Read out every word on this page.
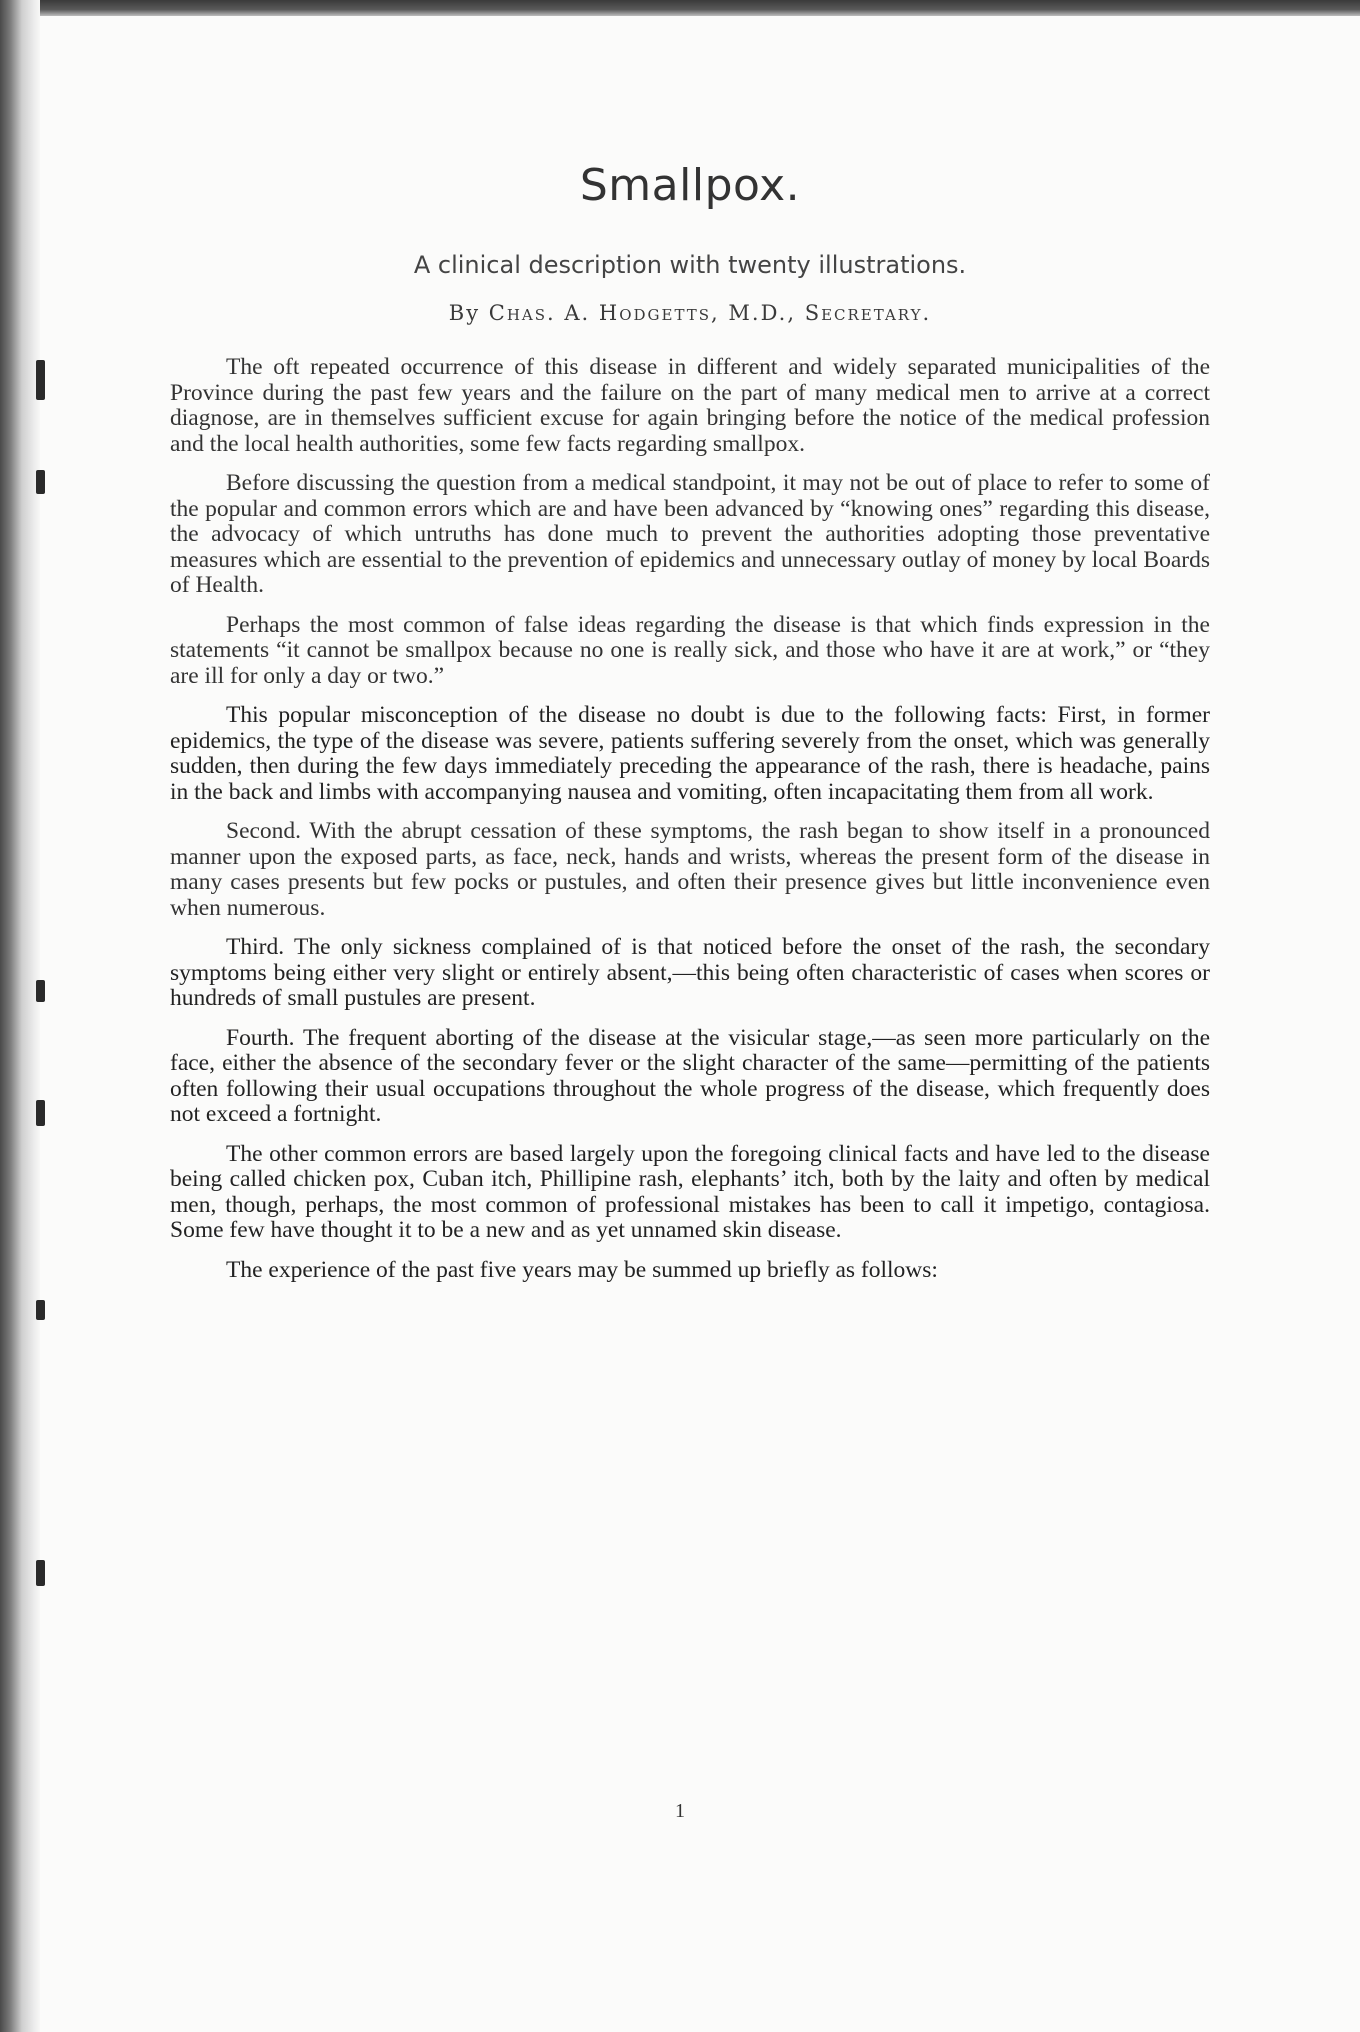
Smallpox.
A clinical description with twenty illustrations.
By Chas. A. Hodgetts, M.D., Secretary.

The oft repeated occurrence of this disease in different and widely separated municipalities of the Province during the past few years and the failure on the part of many medical men to arrive at a correct diagnose, are in themselves sufficient excuse for again bringing before the notice of the medical profession and the local health authorities, some few facts regarding smallpox.

Before discussing the question from a medical standpoint, it may not be out of place to refer to some of the popular and common errors which are and have been advanced by “knowing ones” regarding this disease, the advocacy of which untruths has done much to prevent the authorities adopting those preventative measures which are essential to the prevention of epidemics and unnecessary outlay of money by local Boards of Health.

Perhaps the most common of false ideas regarding the disease is that which finds expression in the statements “it cannot be smallpox because no one is really sick, and those who have it are at work,” or “they are ill for only a day or two.”

This popular misconception of the disease no doubt is due to the following facts: First, in former epidemics, the type of the disease was severe, patients suffering severely from the onset, which was generally sudden, then during the few days immediately preceding the appearance of the rash, there is headache, pains in the back and limbs with accompanying nausea and vomiting, often incapacitating them from all work.

Second. With the abrupt cessation of these symptoms, the rash began to show itself in a pronounced manner upon the exposed parts, as face, neck, hands and wrists, whereas the present form of the disease in many cases presents but few pocks or pustules, and often their presence gives but little inconvenience even when numerous.

Third. The only sickness complained of is that noticed before the onset of the rash, the secondary symptoms being either very slight or entirely absent,—this being often characteristic of cases when scores or hundreds of small pustules are present.

Fourth. The frequent aborting of the disease at the visicular stage,—as seen more particularly on the face, either the absence of the secondary fever or the slight character of the same—permitting of the patients often following their usual occupations throughout the whole progress of the disease, which frequently does not exceed a fortnight.

The other common errors are based largely upon the foregoing clinical facts and have led to the disease being called chicken pox, Cuban itch, Phillipine rash, elephants’ itch, both by the laity and often by medical men, though, perhaps, the most common of professional mistakes has been to call it impetigo, contagiosa. Some few have thought it to be a new and as yet unnamed skin disease.

The experience of the past five years may be summed up briefly as follows:

1
